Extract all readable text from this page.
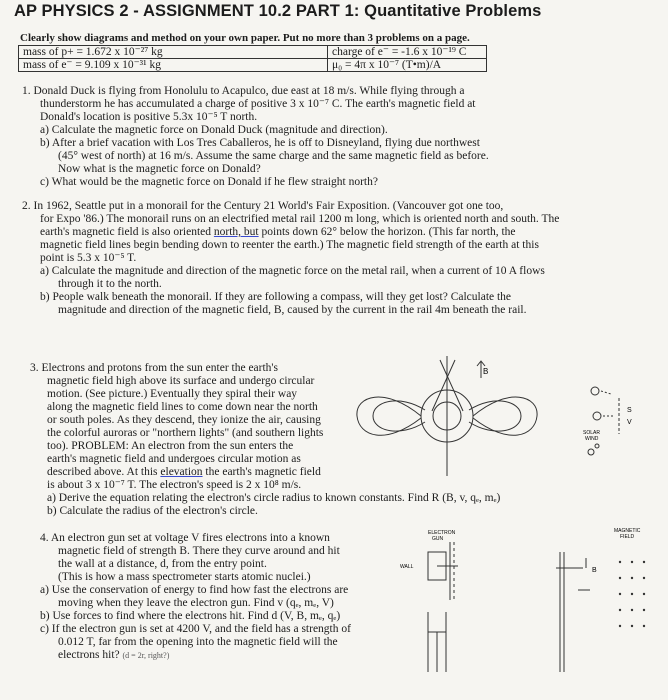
AP PHYSICS 2 - ASSIGNMENT 10.2 PART 1: Quantitative Problems
Clearly show diagrams and method on your own paper. Put no more than 3 problems on a page.
mass of p+ = 1.672 x 10⁻²⁷ kg	charge of e⁻ = -1.6 x 10⁻¹⁹ C
mass of e⁻ = 9.109 x 10⁻³¹ kg	μ₀ = 4π x 10⁻⁷ (T•m)/A
1. Donald Duck is flying from Honolulu to Acapulco, due east at 18 m/s. While flying through a
thunderstorm he has accumulated a charge of positive 3 x 10⁻⁷ C. The earth's magnetic field at
Donald's location is positive 5.3x 10⁻⁵ T north.
a) Calculate the magnetic force on Donald Duck (magnitude and direction).
b) After a brief vacation with Los Tres Caballeros, he is off to Disneyland, flying due northwest
(45° west of north) at 16 m/s. Assume the same charge and the same magnetic field as before.
Now what is the magnetic force on Donald?
c) What would be the magnetic force on Donald if he flew straight north?
2. In 1962, Seattle put in a monorail for the Century 21 World's Fair Exposition. (Vancouver got one too,
for Expo '86.) The monorail runs on an electrified metal rail 1200 m long, which is oriented north and south. The
earth's magnetic field is also oriented north, but points down 62° below the horizon. (This far north, the
magnetic field lines begin bending down to reenter the earth.) The magnetic field strength of the earth at this
point is 5.3 x 10⁻⁵ T.
a) Calculate the magnitude and direction of the magnetic force on the metal rail, when a current of 10 A flows
through it to the north.
b) People walk beneath the monorail. If they are following a compass, will they get lost? Calculate the
magnitude and direction of the magnetic field, B, caused by the current in the rail 4m beneath the rail.
3. Electrons and protons from the sun enter the earth's
magnetic field high above its surface and undergo circular
motion. (See picture.) Eventually they spiral their way
along the magnetic field lines to come down near the north
or south poles. As they descend, they ionize the air, causing
the colorful auroras or "northern lights" (and southern lights
too). PROBLEM: An electron from the sun enters the
earth's magnetic field and undergoes circular motion as
described above. At this elevation the earth's magnetic field
is about 3 x 10⁻⁷ T. The electron's speed is 2 x 10⁸ m/s.
a) Derive the equation relating the electron's circle radius to known constants. Find R (B, v, qₑ, mₑ)
b) Calculate the radius of the electron's circle.
B
SOLAR
WIND
S
V
4. An electron gun set at voltage V fires electrons into a known
magnetic field of strength B. There they curve around and hit
the wall at a distance, d, from the entry point.
(This is how a mass spectrometer starts atomic nuclei.)
a) Use the conservation of energy to find how fast the electrons are
moving when they leave the electron gun. Find v (qₑ, mₑ, V)
b) Use forces to find where the electrons hit. Find d (V, B, mₑ, qₑ)
c) If the electron gun is set at 4200 V, and the field has a strength of
0.012 T, far from the opening into the magnetic field will the
electrons hit? (d = 2r, right?)
ELECTRON
GUN
WALL
MAGNETIC
FIELD
B
